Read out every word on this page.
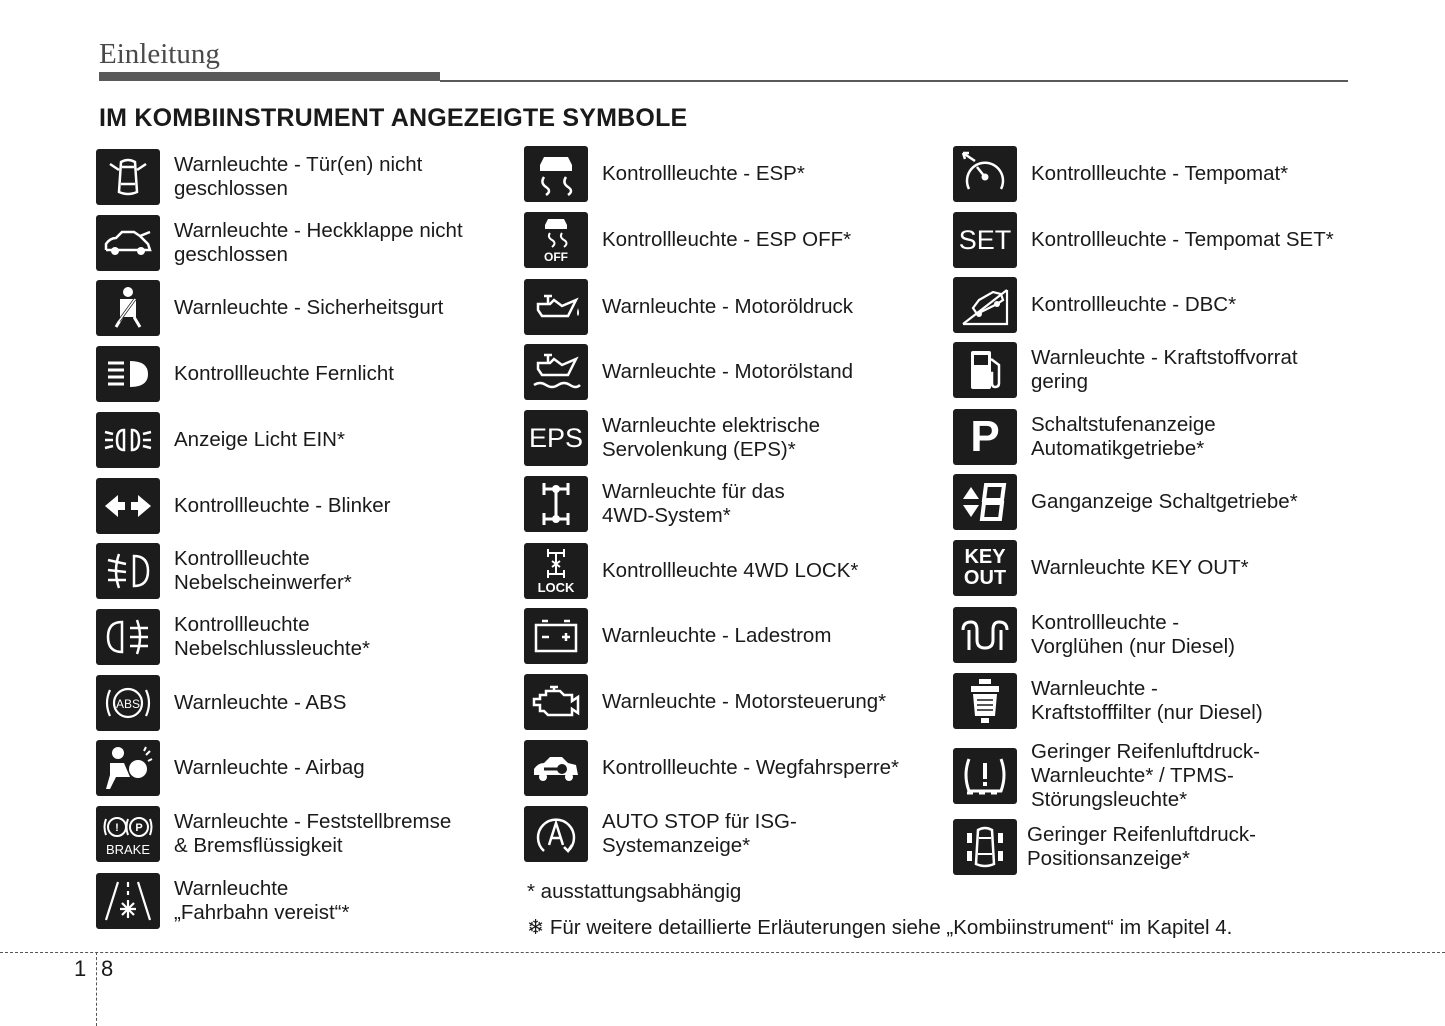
Einleitung
IM KOMBIINSTRUMENT ANGEZEIGTE SYMBOLE
Warnleuchte - Tür(en) nicht
geschlossen
Warnleuchte - Heckklappe nicht
geschlossen
Warnleuchte - Sicherheitsgurt
Kontrollleuchte Fernlicht
Anzeige Licht EIN*
Kontrollleuchte - Blinker
Kontrollleuchte
Nebelscheinwerfer*
Kontrollleuchte
Nebelschlussleuchte*
ABS Warnleuchte - ABS
Warnleuchte - Airbag
! P
BRAKE
Warnleuchte - Feststellbremse
& Bremsflüssigkeit
Warnleuchte
„Fahrbahn vereist“*
Kontrollleuchte - ESP*
OFF
Kontrollleuchte - ESP OFF*
Warnleuchte - Motoröldruck
Warnleuchte - Motorölstand
EPS Warnleuchte elektrische
Servolenkung (EPS)*
Warnleuchte für das
4WD-System*
LOCK
Kontrollleuchte 4WD LOCK*
Warnleuchte - Ladestrom
Warnleuchte - Motorsteuerung*
Kontrollleuchte - Wegfahrsperre*
AUTO STOP für ISG-
Systemanzeige*
Kontrollleuchte - Tempomat*
SET Kontrollleuchte - Tempomat SET*
Kontrollleuchte - DBC*
Warnleuchte - Kraftstoffvorrat
gering
P Schaltstufenanzeige
Automatikgetriebe*
Ganganzeige Schaltgetriebe*
KEY
OUT Warnleuchte KEY OUT*
Kontrollleuchte -
Vorglühen (nur Diesel)
Warnleuchte -
Kraftstofffilter (nur Diesel)
Geringer Reifenluftdruck-
Warnleuchte* / TPMS-
Störungsleuchte*
Geringer Reifenluftdruck-
Positionsanzeige*
* ausstattungsabhängig
❄ Für weitere detaillierte Erläuterungen siehe „Kombiinstrument“ im Kapitel 4.
1 8
